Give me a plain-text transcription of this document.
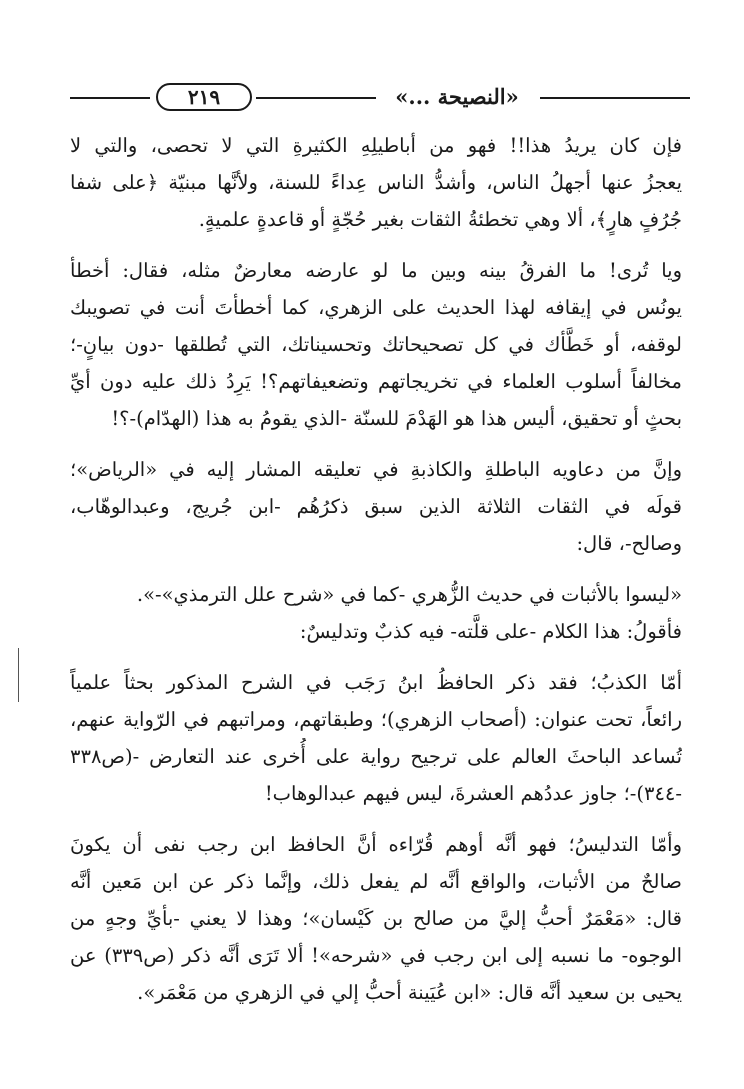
٢١٩	«النصيحة ...»
فإن كان يريدُ هذا!! فهو من أباطيلِهِ الكثيرةِ التي لا تحصى، والتي لا
يعجزُ عنها أجهلُ الناس، وأشدُّ الناس عِداءً للسنة، ولأنَّها مبنيّة ﴿على شفا
جُرُفٍ هارٍ﴾، ألا وهي تخطئةُ الثقات بغير حُجّةٍ أو قاعدةٍ علميةٍ.
ويا تُرى! ما الفرقُ بينه وبين ما لو عارضه معارضٌ مثله، فقال: أخطأ
يونُس في إيقافه لهذا الحديث على الزهري، كما أخطأتَ أنت في تصويبك
لوقفه، أو خَطَّأك في كل تصحيحاتك وتحسيناتك، التي تُطلقها -دون بيانٍ-؛
مخالفاً أسلوب العلماء في تخريجاتهم وتضعيفاتهم؟! يَرِدُ ذلك عليه دون أيِّ
بحثٍ أو تحقيق، أليس هذا هو الهَدْمَ للسنّة -الذي يقومُ به هذا (الهدّام)-؟!
وإنَّ من دعاويه الباطلةِ والكاذبةِ في تعليقه المشار إليه في «الرياض»؛
قولَه في الثقات الثلاثة الذين سبق ذكرُهُم -ابن جُريج، وعبدالوهّاب،
وصالح-، قال:
«ليسوا بالأثبات في حديث الزُّهري -كما في «شرح علل الترمذي»-».
فأقولُ: هذا الكلام -على قلَّته- فيه كذبٌ وتدليسٌ:
أمّا الكذبُ؛ فقد ذكر الحافظُ ابنُ رَجَب في الشرح المذكور بحثاً علمياً
رائعاً، تحت عنوان: (أصحاب الزهري)؛ وطبقاتهم، ومراتبهم في الرّواية عنهم،
تُساعد الباحثَ العالم على ترجيح رواية على أُخرى عند التعارض -(ص٣٣٨
-٣٤٤)-؛ جاوز عددُهم العشرةَ، ليس فيهم عبدالوهاب!
وأمّا التدليسُ؛ فهو أنَّه أوهم قُرّاءه أنَّ الحافظ ابن رجب نفى أن يكونَ
صالحٌ من الأثبات، والواقع أنَّه لم يفعل ذلك، وإنَّما ذكر عن ابن مَعين أنَّه
قال: «مَعْمَرٌ أحبُّ إليَّ من صالح بن كَيْسان»؛ وهذا لا يعني -بأيِّ وجهٍ من
الوجوه- ما نسبه إلى ابن رجب في «شرحه»! ألا تَرَى أنَّه ذكر (ص٣٣٩) عن
يحيى بن سعيد أنَّه قال: «ابن عُيَينة أحبُّ إلي في الزهري من مَعْمَر».
